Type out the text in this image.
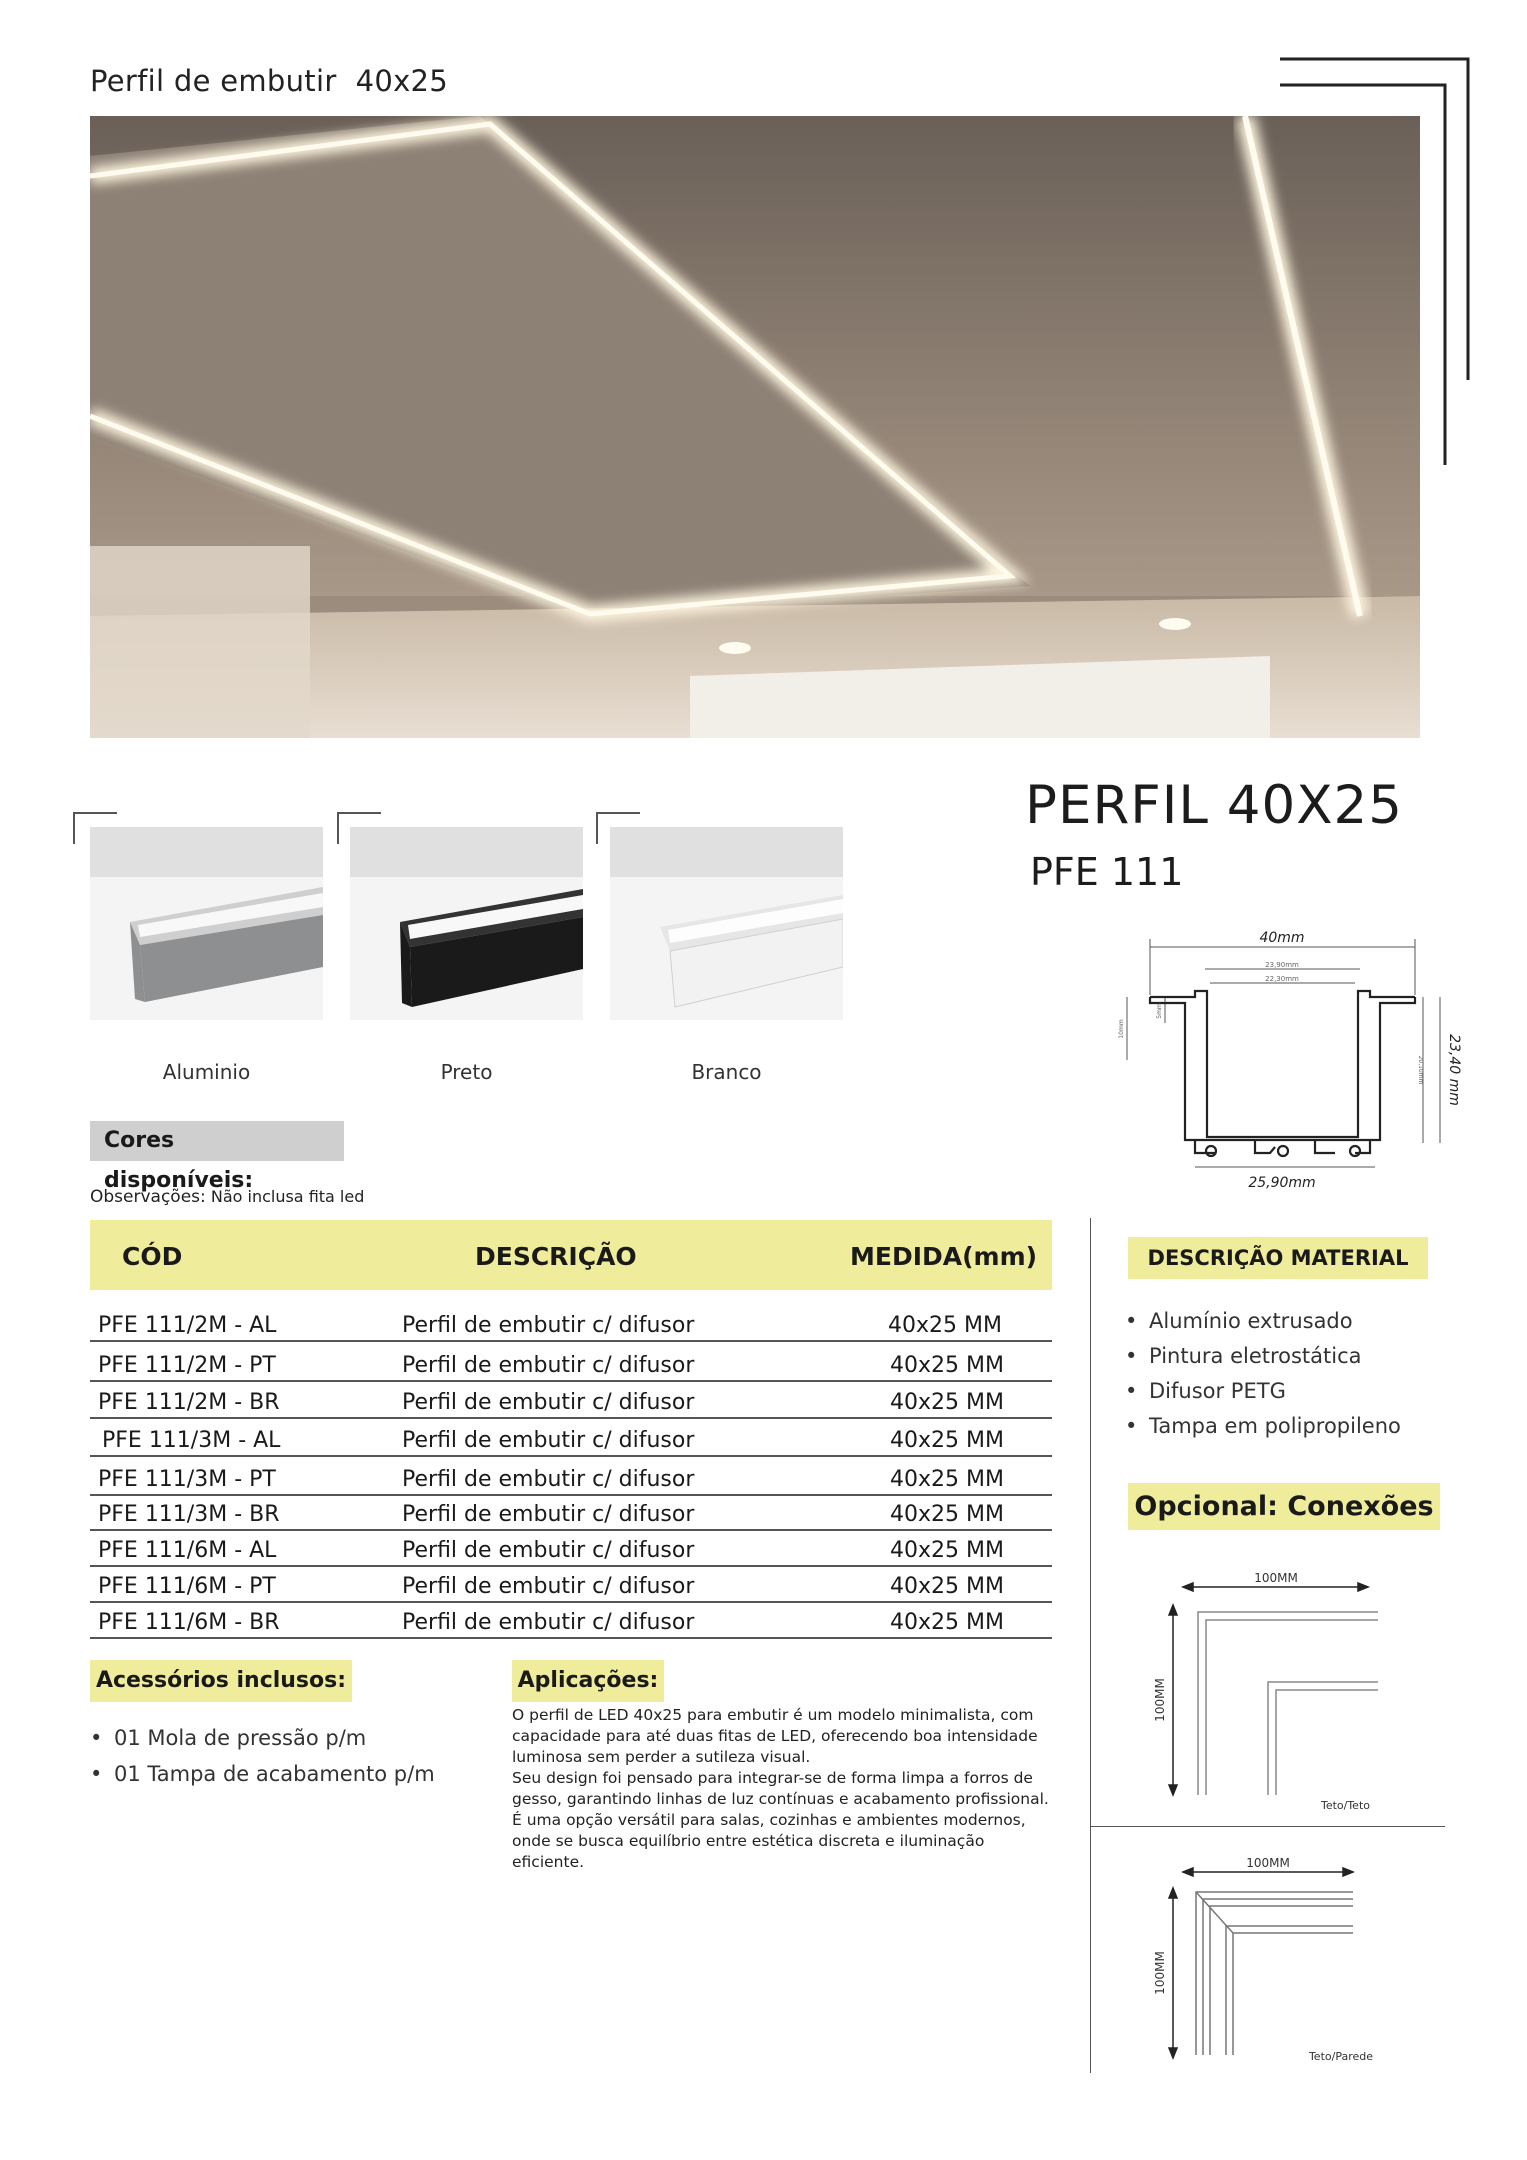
Perfil de embutir  40x25
Aluminio	Preto	Branco
PERFIL 40X25
PFE 111
40mm
23,90mm
22,30mm
25,90mm
23,40 mm
20,10mm
10mm
5mm
Cores disponíveis:
Observações: Não inclusa fita led
CÓD	DESCRIÇÃO	MEDIDA(mm)
PFE 111/2M - AL	Perfil de embutir c/ difusor	40x25 MM
PFE 111/2M - PT	Perfil de embutir c/ difusor	40x25 MM
PFE 111/2M - BR	Perfil de embutir c/ difusor	40x25 MM
PFE 111/3M - AL	Perfil de embutir c/ difusor	40x25 MM
PFE 111/3M - PT	Perfil de embutir c/ difusor	40x25 MM
PFE 111/3M - BR	Perfil de embutir c/ difusor	40x25 MM
PFE 111/6M - AL	Perfil de embutir c/ difusor	40x25 MM
PFE 111/6M - PT	Perfil de embutir c/ difusor	40x25 MM
PFE 111/6M - BR	Perfil de embutir c/ difusor	40x25 MM
DESCRIÇÃO MATERIAL
• Alumínio extrusado
• Pintura eletrostática
• Difusor PETG
• Tampa em polipropileno
Opcional: Conexões
100MM
100MM
Teto/Teto
100MM
100MM
Teto/Parede
Acessórios inclusos:
• 01 Mola de pressão p/m
• 01 Tampa de acabamento p/m
Aplicações:

O perfil de LED 40x25 para embutir é um modelo minimalista, com capacidade para até duas fitas de LED, oferecendo boa intensidade luminosa sem perder a sutileza visual.

Seu design foi pensado para integrar-se de forma limpa a forros de gesso, garantindo linhas de luz contínuas e acabamento profissional. É uma opção versátil para salas, cozinhas e ambientes modernos, onde se busca equilíbrio entre estética discreta e iluminação eficiente.
